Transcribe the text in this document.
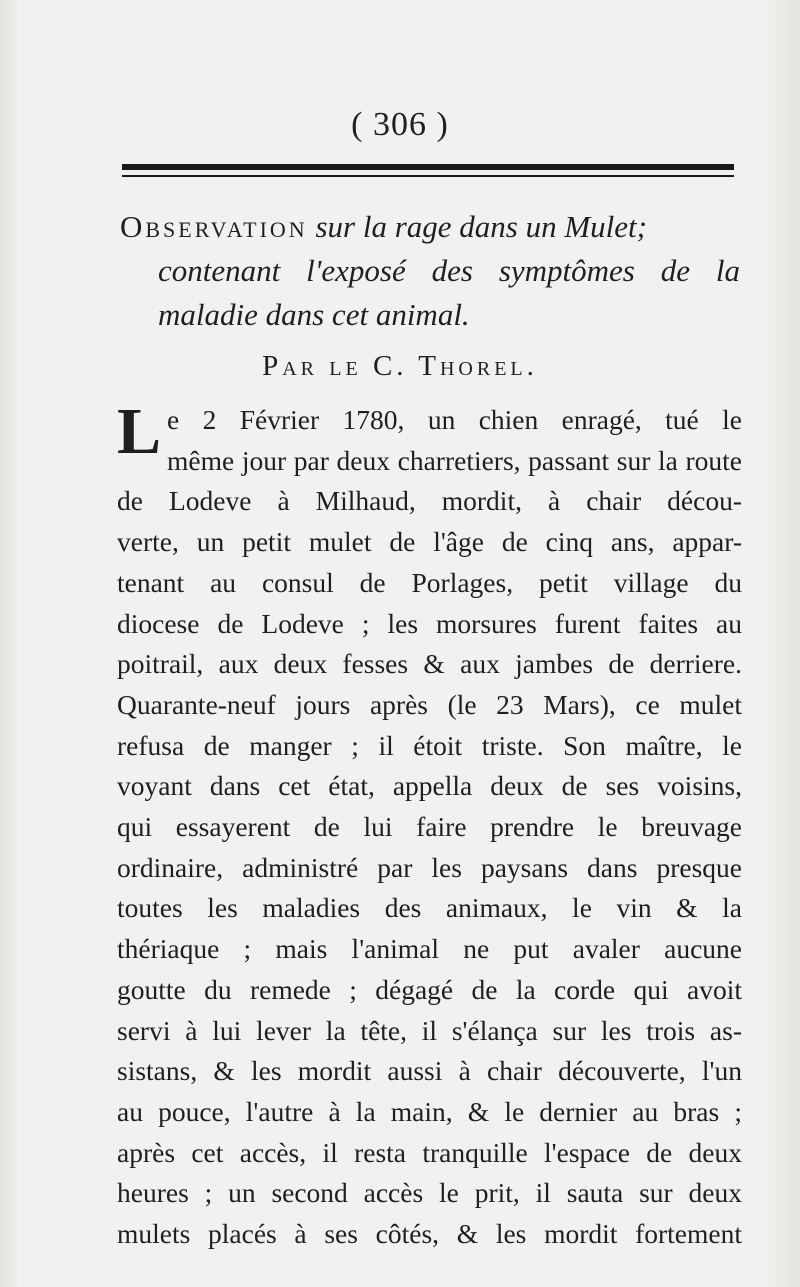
( 306 )
Observation sur la rage dans un Mulet;
contenant l'exposé des symptômes de la
maladie dans cet animal.
Par le C. Thorel.
L e 2 Février 1780, un chien enragé, tué le
même jour par deux charretiers, passant sur la route
de Lodeve à Milhaud, mordit, à chair décou-
verte, un petit mulet de l'âge de cinq ans, appar-
tenant au consul de Porlages, petit village du
diocese de Lodeve ; les morsures furent faites au
poitrail, aux deux fesses & aux jambes de derriere.
Quarante-neuf jours après (le 23 Mars), ce mulet
refusa de manger ; il étoit triste. Son maître, le
voyant dans cet état, appella deux de ses voisins,
qui essayerent de lui faire prendre le breuvage
ordinaire, administré par les paysans dans presque
toutes les maladies des animaux, le vin & la
thériaque ; mais l'animal ne put avaler aucune
goutte du remede ; dégagé de la corde qui avoit
servi à lui lever la tête, il s'élança sur les trois as-
sistans, & les mordit aussi à chair découverte, l'un
au pouce, l'autre à la main, & le dernier au bras ;
après cet accès, il resta tranquille l'espace de deux
heures ; un second accès le prit, il sauta sur deux
mulets placés à ses côtés, & les mordit fortement
